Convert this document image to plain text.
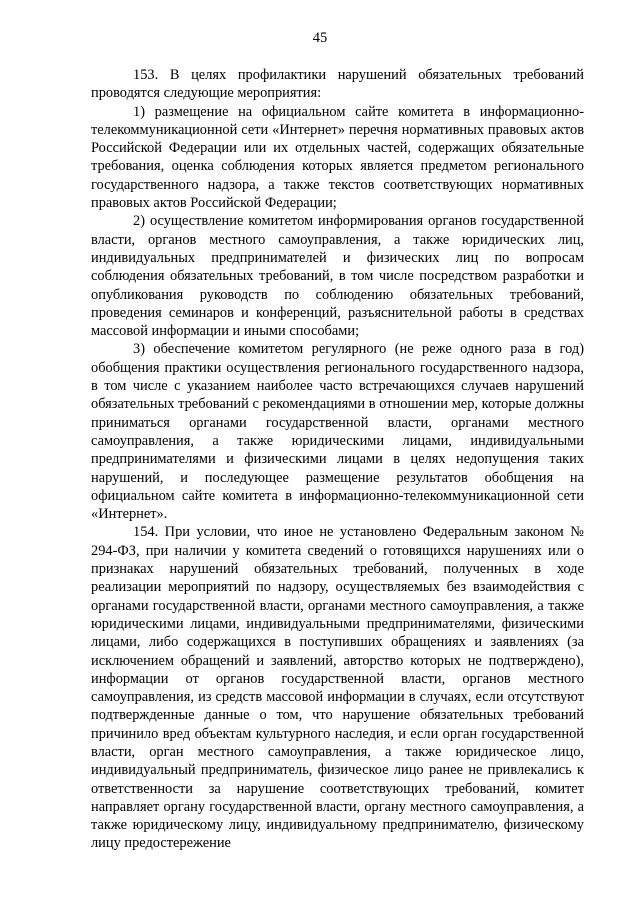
45

153. В целях профилактики нарушений обязательных требований проводятся следующие мероприятия:

1) размещение на официальном сайте комитета в информационно-телекоммуникационной сети «Интернет» перечня нормативных правовых актов Российской Федерации или их отдельных частей, содержащих обязательные требования, оценка соблюдения которых является предметом регионального государственного надзора, а также текстов соответствующих нормативных правовых актов Российской Федерации;

2) осуществление комитетом информирования органов государственной власти, органов местного самоуправления, а также юридических лиц, индивидуальных предпринимателей и физических лиц по вопросам соблюдения обязательных требований, в том числе посредством разработки и опубликования руководств по соблюдению обязательных требований, проведения семинаров и конференций, разъяснительной работы в средствах массовой информации и иными способами;

3) обеспечение комитетом регулярного (не реже одного раза в год) обобщения практики осуществления регионального государственного надзора, в том числе с указанием наиболее часто встречающихся случаев нарушений обязательных требований с рекомендациями в отношении мер, которые должны приниматься органами государственной власти, органами местного самоуправления, а также юридическими лицами, индивидуальными предпринимателями и физическими лицами в целях недопущения таких нарушений, и последующее размещение результатов обобщения на официальном сайте комитета в информационно-телекоммуникационной сети «Интернет».

154. При условии, что иное не установлено Федеральным законом № 294-ФЗ, при наличии у комитета сведений о готовящихся нарушениях или о признаках нарушений обязательных требований, полученных в ходе реализации мероприятий по надзору, осуществляемых без взаимодействия с органами государственной власти, органами местного самоуправления, а также юридическими лицами, индивидуальными предпринимателями, физическими лицами, либо содержащихся в поступивших обращениях и заявлениях (за исключением обращений и заявлений, авторство которых не подтверждено), информации от органов государственной власти, органов местного самоуправления, из средств массовой информации в случаях, если отсутствуют подтвержденные данные о том, что нарушение обязательных требований причинило вред объектам культурного наследия, и если орган государственной власти, орган местного самоуправления, а также юридическое лицо, индивидуальный предприниматель, физическое лицо ранее не привлекались к ответственности за нарушение соответствующих требований, комитет направляет органу государственной власти, органу местного самоуправления, а также юридическому лицу, индивидуальному предпринимателю, физическому лицу предостережение
